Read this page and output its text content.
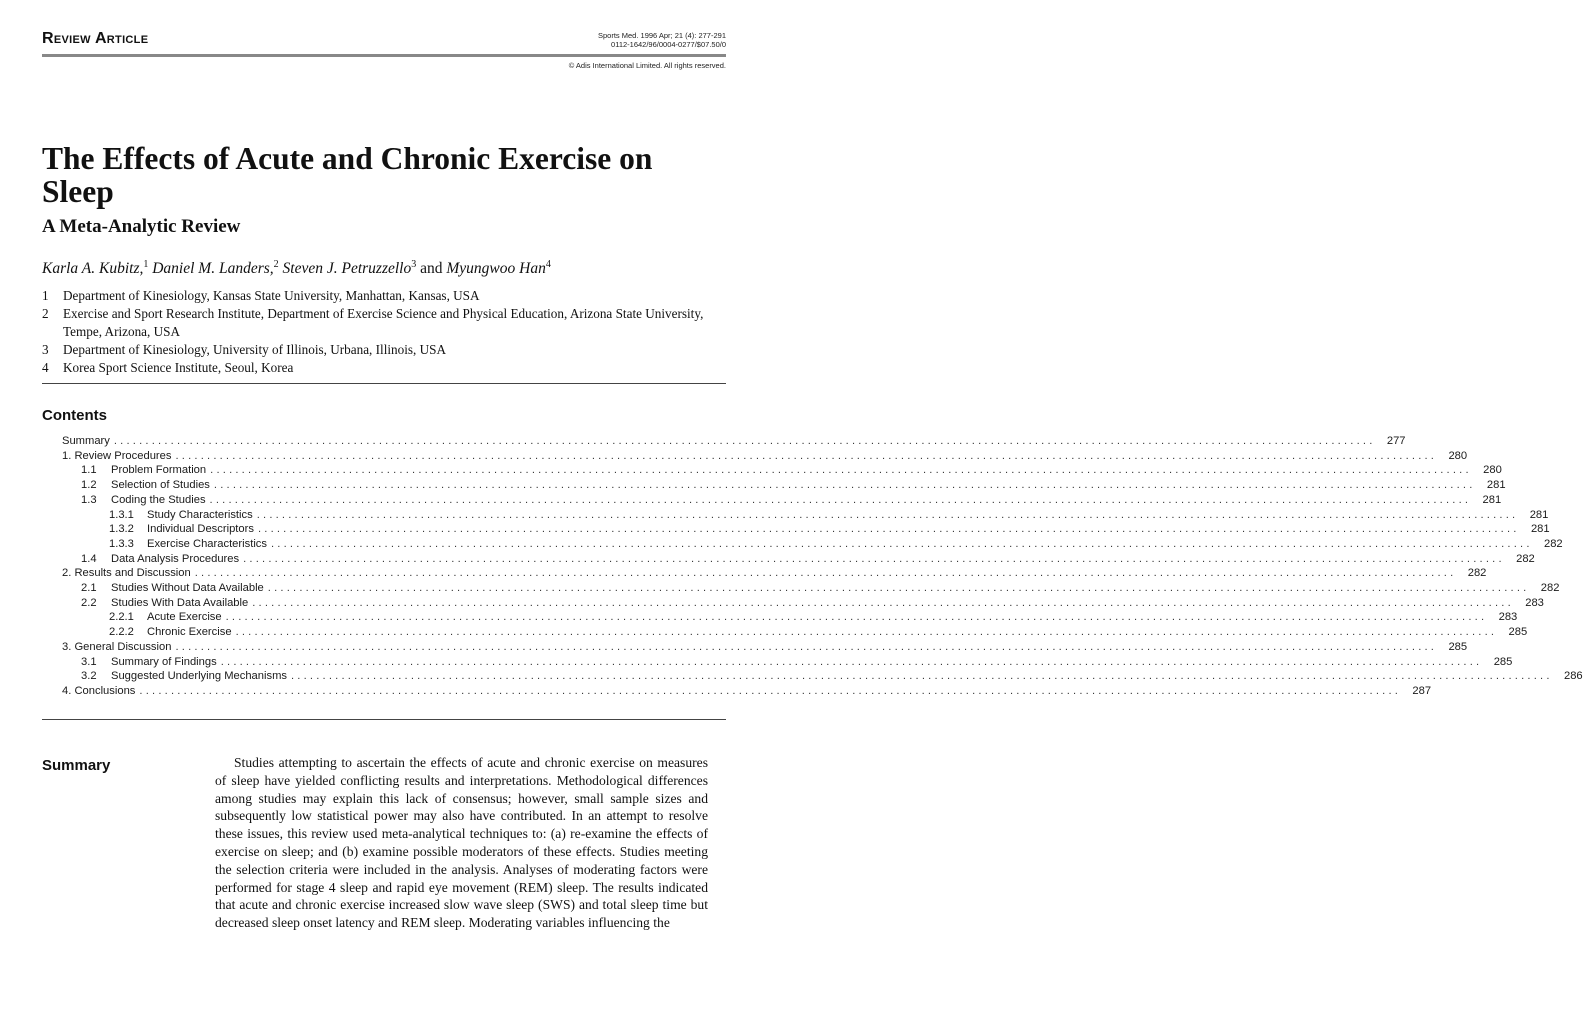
Review Article	Sports Med. 1996 Apr; 21 (4): 277-291
0112-1642/96/0004-0277/$07.50/0
© Adis International Limited. All rights reserved.
The Effects of Acute and Chronic Exercise on Sleep
A Meta-Analytic Review
Karla A. Kubitz,$^1$ Daniel M. Landers,$^2$ Steven J. Petruzzello$^3$ and Myungwoo Han$^4$
1	Department of Kinesiology, Kansas State University, Manhattan, Kansas, USA
2	Exercise and Sport Research Institute, Department of Exercise Science and Physical Education, Arizona State University, Tempe, Arizona, USA
3	Department of Kinesiology, University of Illinois, Urbana, Illinois, USA
4	Korea Sport Science Institute, Seoul, Korea
Contents
Summary ........................................................................................................................................................................................................	277
1. Review Procedures ........................................................................................................................................................................................................	280
1.1 Problem Formation ........................................................................................................................................................................................................	280
1.2 Selection of Studies ........................................................................................................................................................................................................	281
1.3 Coding the Studies ........................................................................................................................................................................................................	281
1.3.1 Study Characteristics ........................................................................................................................................................................................................	281
1.3.2 Individual Descriptors ........................................................................................................................................................................................................	281
1.3.3 Exercise Characteristics ........................................................................................................................................................................................................	282
1.4 Data Analysis Procedures ........................................................................................................................................................................................................	282
2. Results and Discussion ........................................................................................................................................................................................................	282
2.1 Studies Without Data Available ........................................................................................................................................................................................................	282
2.2 Studies With Data Available ........................................................................................................................................................................................................	283
2.2.1 Acute Exercise ........................................................................................................................................................................................................	283
2.2.2 Chronic Exercise ........................................................................................................................................................................................................	285
3. General Discussion ........................................................................................................................................................................................................	285
3.1 Summary of Findings ........................................................................................................................................................................................................	285
3.2 Suggested Underlying Mechanisms ........................................................................................................................................................................................................	286
4. Conclusions ........................................................................................................................................................................................................	287
Summary	Studies attempting to ascertain the effects of acute and chronic exercise on measures of sleep have yielded conflicting results and interpretations. Methodological differences among studies may explain this lack of consensus; however, small sample sizes and subsequently low statistical power may also have contributed. In an attempt to resolve these issues, this review used meta-analytical techniques to: (a) re-examine the effects of exercise on sleep; and (b) examine possible moderators of these effects. Studies meeting the selection criteria were included in the analysis. Analyses of moderating factors were performed for stage 4 sleep and rapid eye movement (REM) sleep. The results indicated that acute and chronic exercise increased slow wave sleep (SWS) and total sleep time but decreased sleep onset latency and REM sleep. Moderating variables influencing the
